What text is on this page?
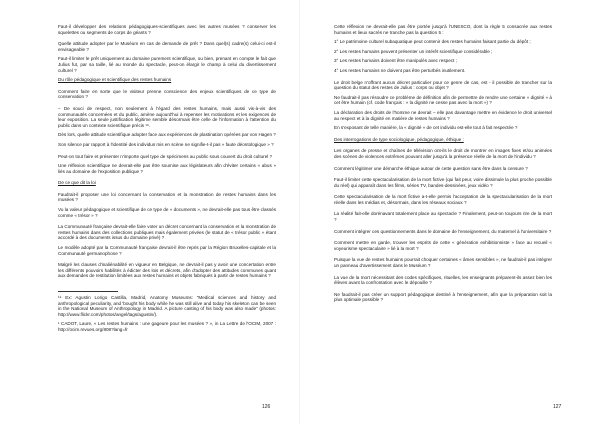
Faut-il développer des relations pédagogiques-scientifiques avec les autres musées ? conserver les squelettes ou segments de corps de géants ?

Quelle attitude adopter par le Muséum en cas de demande de prêt ? Dans quel(s) cadre(s) celui-ci est-il envisageable ?

Faut-il limiter le prêt uniquement au domaine purement scientifique, ou bien, prenant en compte le fait que Julius fut, par sa taille, lié au monde du spectacle, peut-on élargir le champ à celui du divertissement culturel ?

Du rôle pédagogique et scientifique des restes humains

Comment faire en sorte que le visiteur prenne conscience des enjeux scientifiques de ce type de conservation ?

– De souci de respect, non seulement à l'égard des restes humains, mais aussi vis-à-vis des communautés concernées et du public, amène aujourd'hui à repenser les motivations et les exigences de leur exposition. La seule justification légitime semble désormais être celle de l'information à l'attention du public dans un contexte scientifique précis ¹⁹.

Dès lors, quelle attitude scientifique adopter face aux expériences de plastination opérées par von Hagen ?

Son silence par rapport à l'identité des individus mis en scène ne signifie-t-il pas « faute déontologique » ?

Peut-on tout faire et présenter n'importe quel type de spécimens au public sous couvert du droit culturel ?

Une réflexion scientifique ne devrait-elle pas être soumise aux législateurs afin d'éviter certains « abus » liés au domaine de l'exposition publique ?

De ce que dit la loi

Faudrait-il proposer une loi concernant la conservation et la monstration de restes humains dans les musées ?

Vu la valeur pédagogique et scientifique de ce type de « documents », ne devrait-elle pas tous être classés comme « trésor » ?

La Communauté française devrait-elle faire voter un décret concernant la conservation et la monstration de restes humains dans des collections publiques mais également privées (le statut de « trésor public » étant accordé à des documents issus du domaine privé) ?

Le modèle adopté par la Communauté française devrait-il être repris par la Région Bruxelles-capitale et la Communauté germanophone ?

Malgré les clauses d'inaliénabilité en vigueur en Belgique, ne devrait-il pas y avoir une concertation entre les différents pouvoirs habilités à édicter des lois et décrets, afin d'adopter des attitudes communes quant aux demandes de restitution limitées aux restes humains et objets fabriqués à partir de restes humains ?

¹⁹ Ex: Agustin Lorigo Castilla, Madrid, Anatomy Museums: "Medical sciences and history and anthropological peculiarity, and 'bought his body while he was still alive and today his skeleton can be seen in the National Museum of Anthropology in Madrid. A picture casting of his body was also made" (photos: http://www.flickr.com/photos/angel/tags/agustin/).

¹ CADOT, Laure, « Les restes humains : une gageure pour les musées ? », in La Lettre de l'OCIM, 2007 : http://ocim.revues.org/808?lang=fr

126

Cette réflexion ne devrait-elle pas être portée jusqu'à l'UNESCO, dont la règle 5 consacrée aux restes humains et lieux sacrés ne tranche pas la question 5 :

1° Le patrimoine culturel subaquatique peut contenir des restes humains faisant partie du dépôt ;

2° Les restes humains peuvent présenter un intérêt scientifique considérable ;

3° Les restes humains doivent être manipulés avec respect ;

4° Les restes humains ne doivent pas être perturbés inutilement.

Le droit belge n'offrant aucun décret particulier pour ce genre de cas, est - il possible de trancher sur la question du statut des restes de Julius : corps ou objet ?

Ne faudrait-il pas résoudre ce problème de définition afin de permettre de rendre une certaine « dignité » à cet être humain (cf. code français : « la dignité ne cesse pas avec la mort ») ?

La déclaration des droits de l'homme ne devrait – elle pas davantage mettre en évidence le droit universel au respect et à la dignité en matière de restes humains ?

En s'exposant de telle manière, la « dignité » de cet individu est-elle tout à fait respectée ?

Des interrogations de type sociologique, pédagogique, éthique :

Les organes de presse et chaînes de télévision ont-ils le droit de montrer en images fixes et/ou animées des scènes de violences extrêmes pouvant aller jusqu'à la présence réelle de la mort de l'individu ?

Comment légitimer une démarche éthique autour de cette question sans être dans la censure ?

Faut-il limiter cette spectacularisation de la mort fictive (qui fait peur, voire dissimule la plus proche possible du réel) qui apparaît dans les films, séries TV, bandes-dessinées, jeux vidéo ?

Cette spectacularisation de la mort fictive a-t-elle permis l'acceptation de la spectacularisation de la mort réelle dans les médias et, désormais, dans les réseaux sociaux ?

La réalité fait-elle dorénavant totalement place au spectacle ? Finalement, peut-on toujours rire de la mort ?

Comment intégrer ces questionnements dans le domaine de l'enseignement, du maternel à l'universitaire ?

Comment mettre en garde, trouver les esprits de cette « génération exhibitionniste » face au recueil « voyeurisme spectaculaire » lié à la mort ?

Puisque la vue de restes humains pourrait choquer certaines « âmes sensibles », ne faudrait-il pas intégrer un panneau d'avertissement dans le Muséum ?

La vue de la mort nécessitant des codes spécifiques, rituelles, les enseignants préparent-ils assez bien les élèves avant la confrontation avec le dépouille ?

Ne faudrait-il pas créer un support pédagogique destiné à l'enseignement, afin que la préparation soit la plus optimale possible ?

127
